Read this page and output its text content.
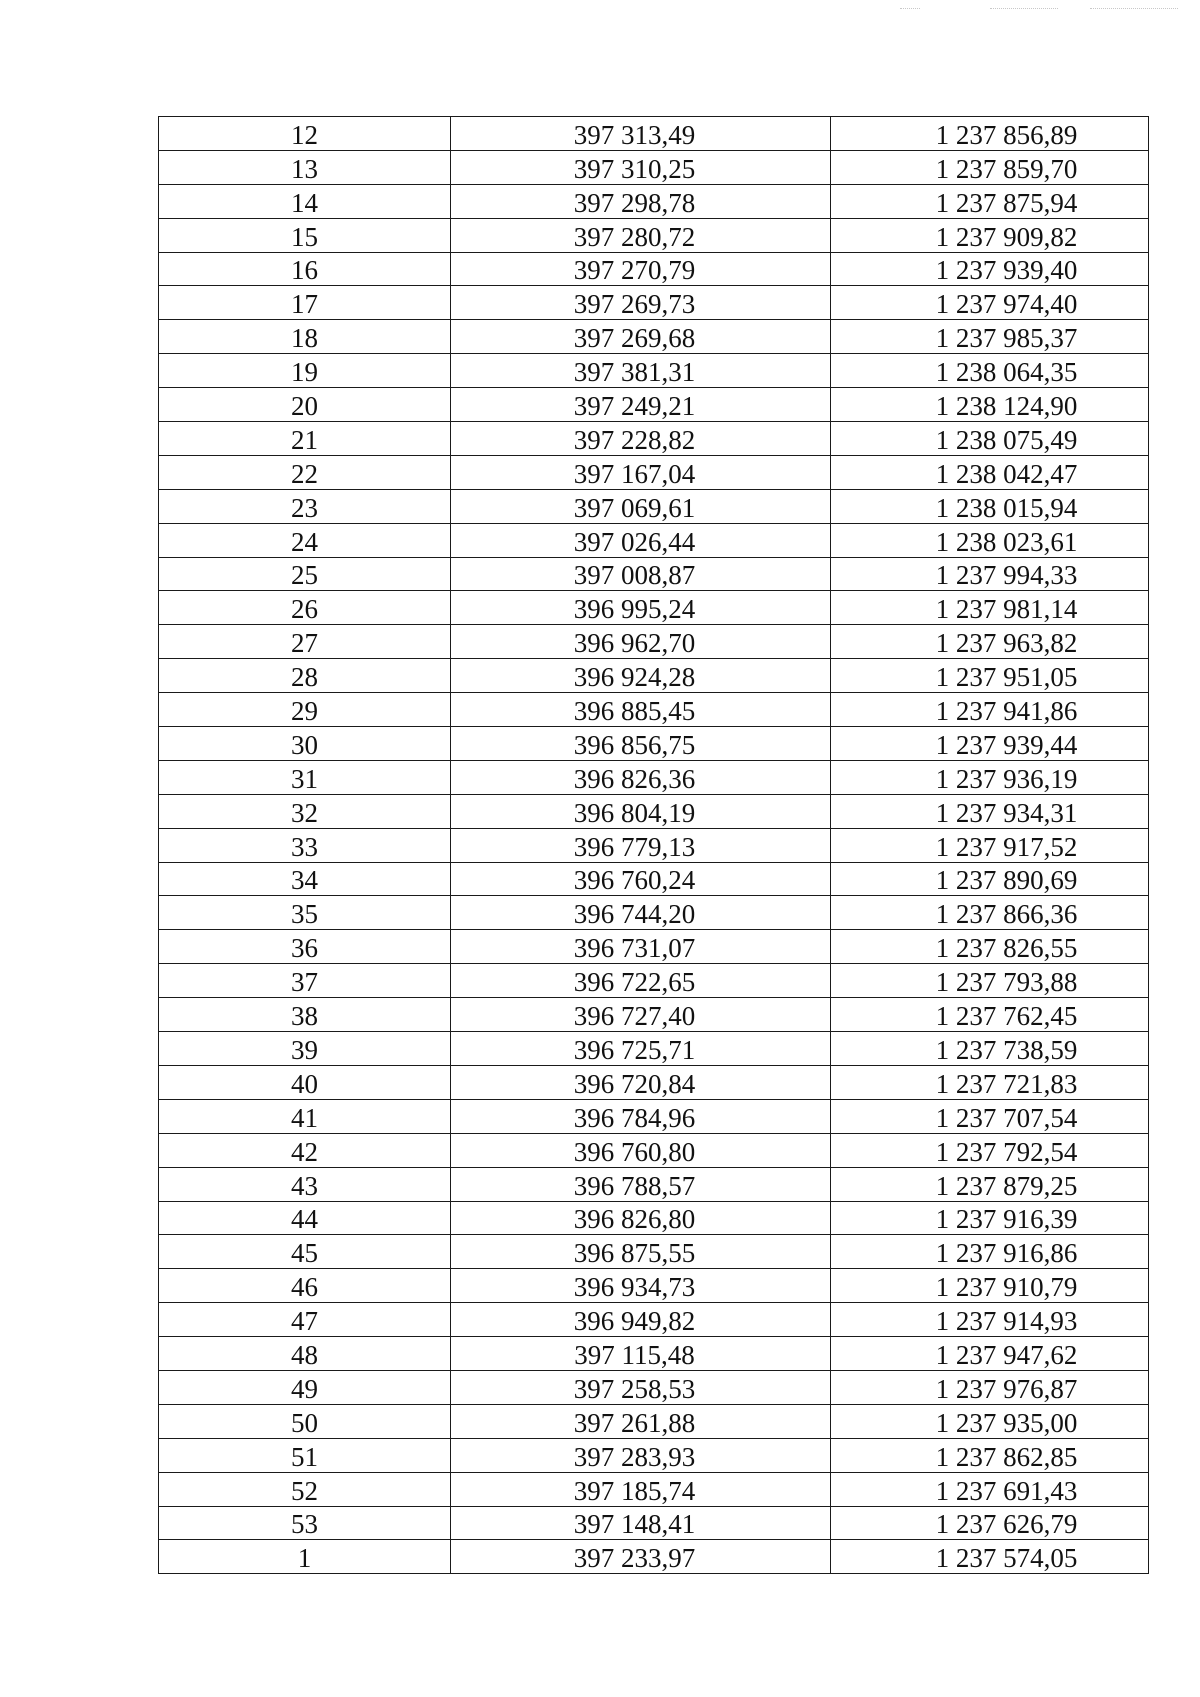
12	397 313,49	1 237 856,89
13	397 310,25	1 237 859,70
14	397 298,78	1 237 875,94
15	397 280,72	1 237 909,82
16	397 270,79	1 237 939,40
17	397 269,73	1 237 974,40
18	397 269,68	1 237 985,37
19	397 381,31	1 238 064,35
20	397 249,21	1 238 124,90
21	397 228,82	1 238 075,49
22	397 167,04	1 238 042,47
23	397 069,61	1 238 015,94
24	397 026,44	1 238 023,61
25	397 008,87	1 237 994,33
26	396 995,24	1 237 981,14
27	396 962,70	1 237 963,82
28	396 924,28	1 237 951,05
29	396 885,45	1 237 941,86
30	396 856,75	1 237 939,44
31	396 826,36	1 237 936,19
32	396 804,19	1 237 934,31
33	396 779,13	1 237 917,52
34	396 760,24	1 237 890,69
35	396 744,20	1 237 866,36
36	396 731,07	1 237 826,55
37	396 722,65	1 237 793,88
38	396 727,40	1 237 762,45
39	396 725,71	1 237 738,59
40	396 720,84	1 237 721,83
41	396 784,96	1 237 707,54
42	396 760,80	1 237 792,54
43	396 788,57	1 237 879,25
44	396 826,80	1 237 916,39
45	396 875,55	1 237 916,86
46	396 934,73	1 237 910,79
47	396 949,82	1 237 914,93
48	397 115,48	1 237 947,62
49	397 258,53	1 237 976,87
50	397 261,88	1 237 935,00
51	397 283,93	1 237 862,85
52	397 185,74	1 237 691,43
53	397 148,41	1 237 626,79
1	397 233,97	1 237 574,05
